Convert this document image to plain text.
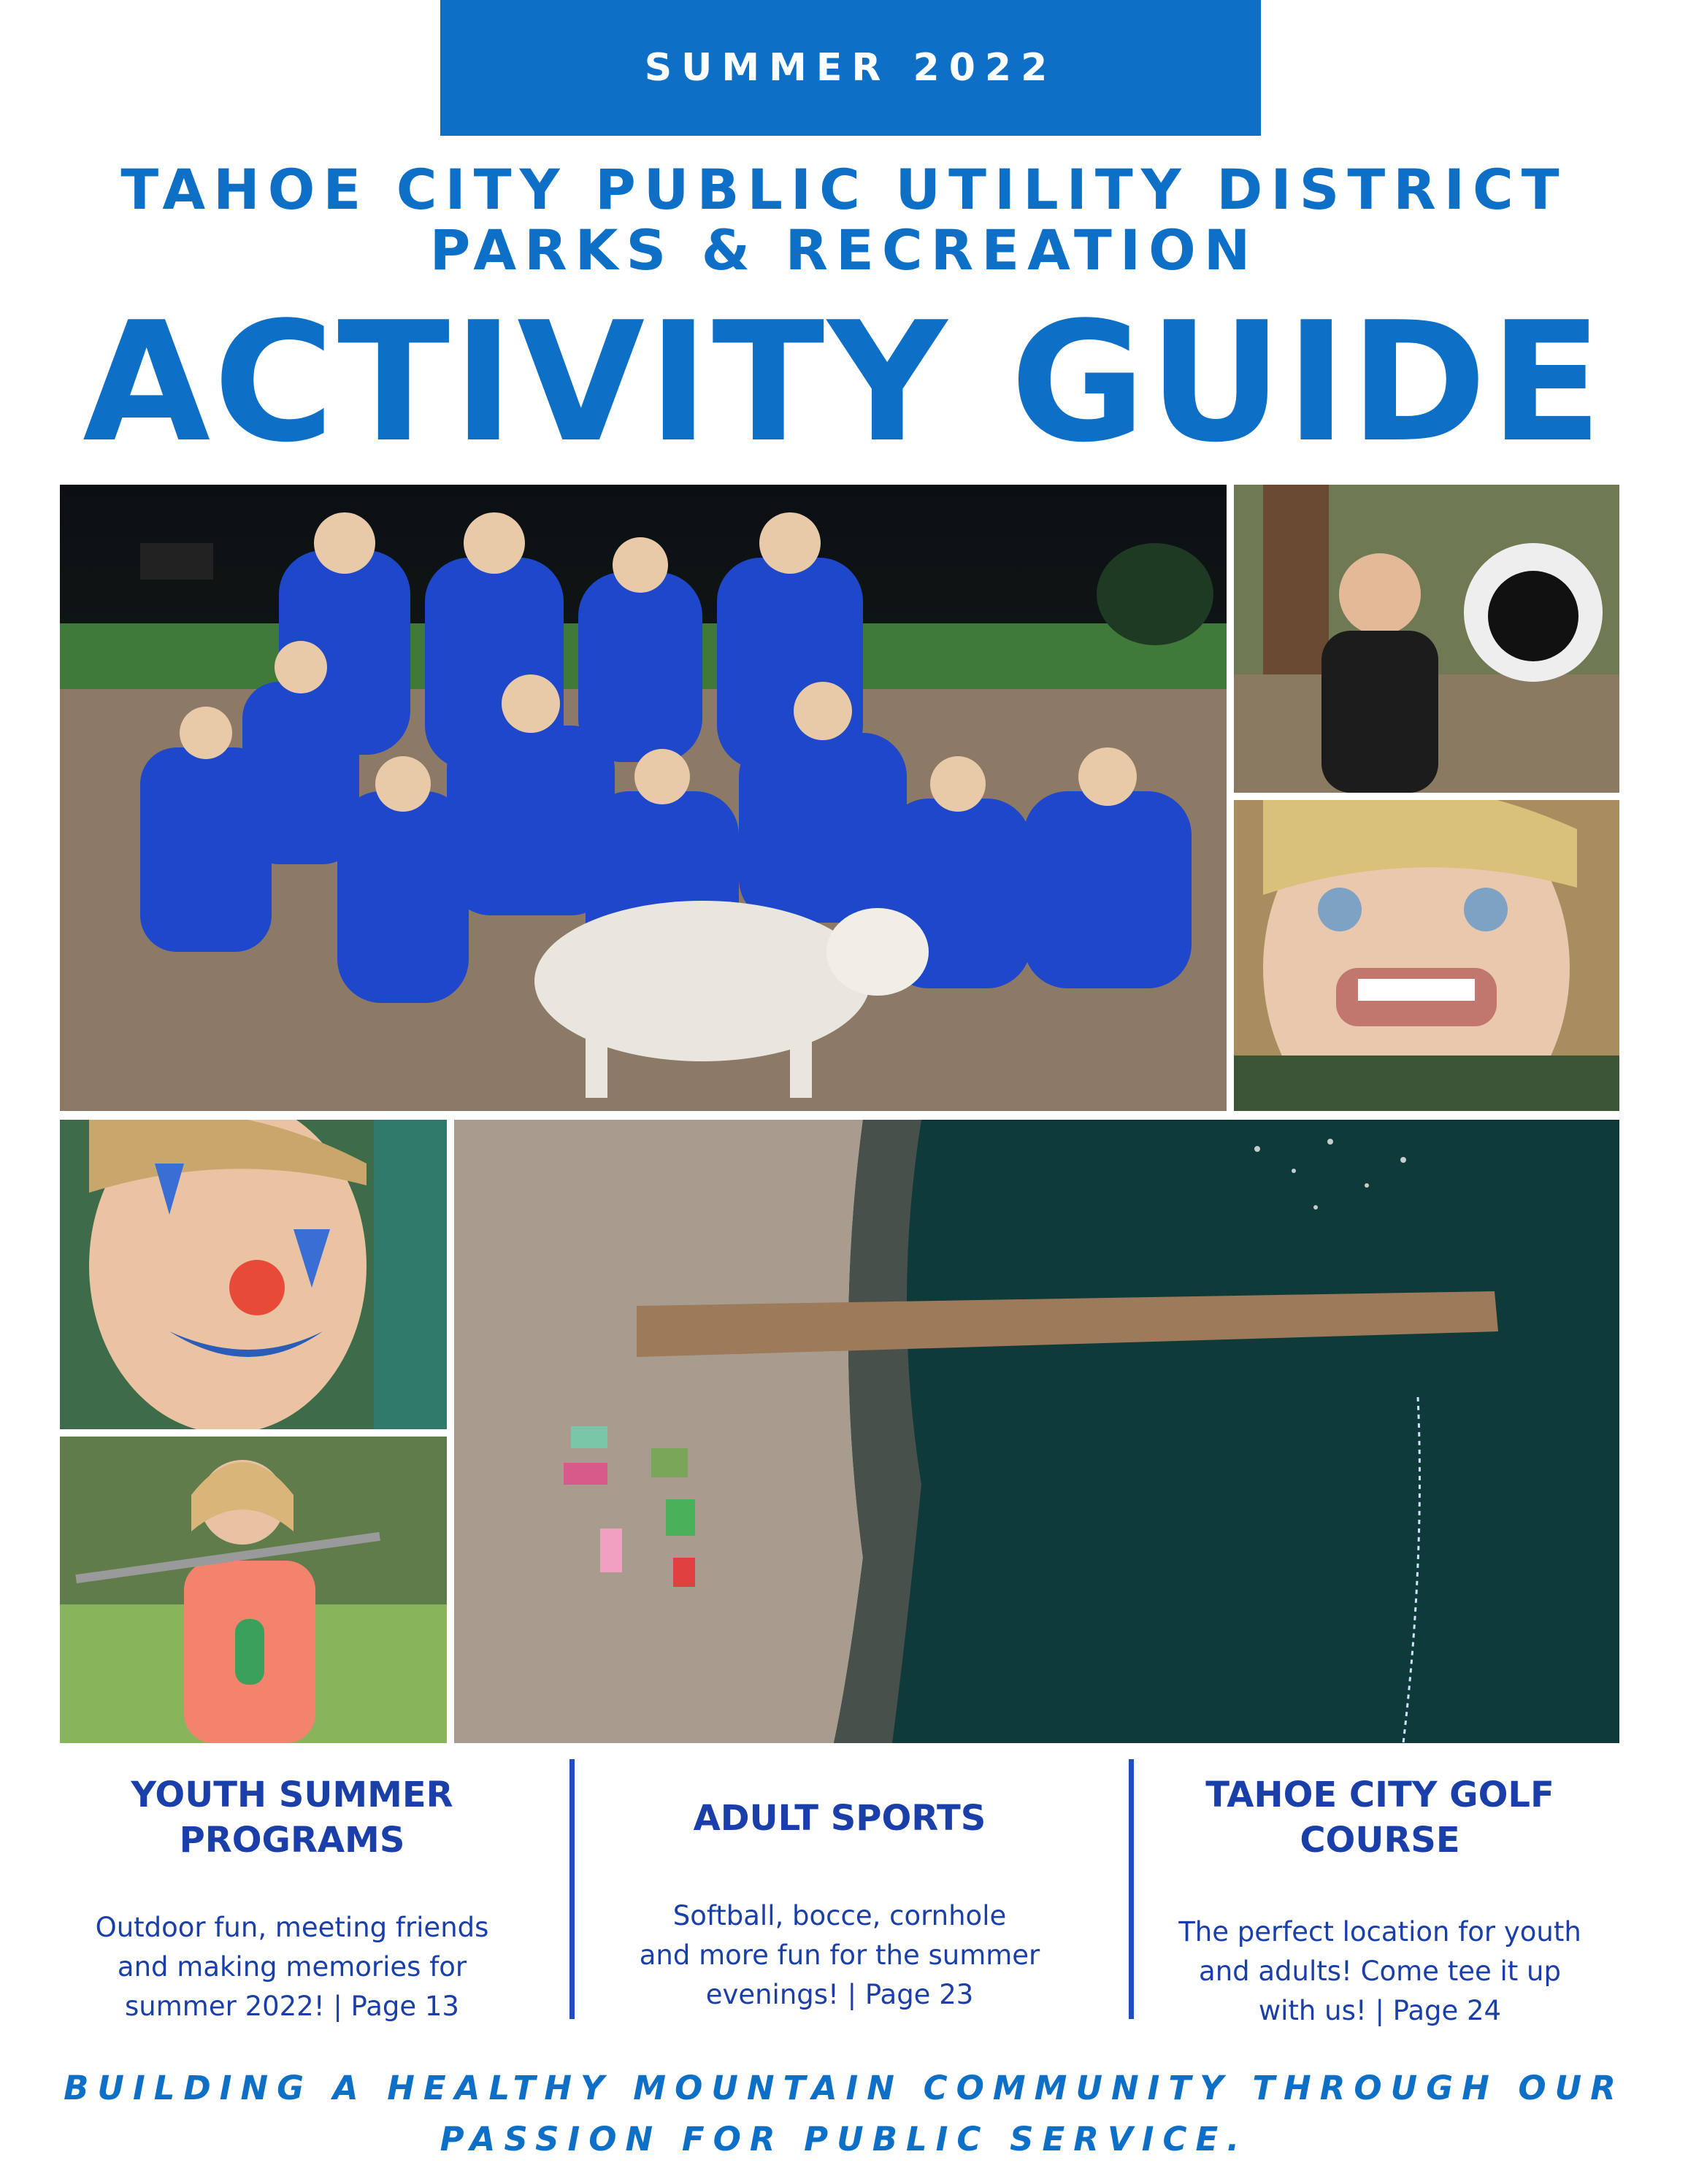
SUMMER 2022
TAHOE CITY PUBLIC UTILITY DISTRICT
PARKS & RECREATION
ACTIVITY GUIDE
YOUTH SUMMER
PROGRAMS
Outdoor fun, meeting friends
and making memories for
summer 2022! | Page 13
ADULT SPORTS
Softball, bocce, cornhole
and more fun for the summer
evenings! | Page 23
TAHOE CITY GOLF
COURSE
The perfect location for youth
and adults! Come tee it up
with us! | Page 24
BUILDING A HEALTHY MOUNTAIN COMMUNITY THROUGH OUR
PASSION FOR PUBLIC SERVICE.
